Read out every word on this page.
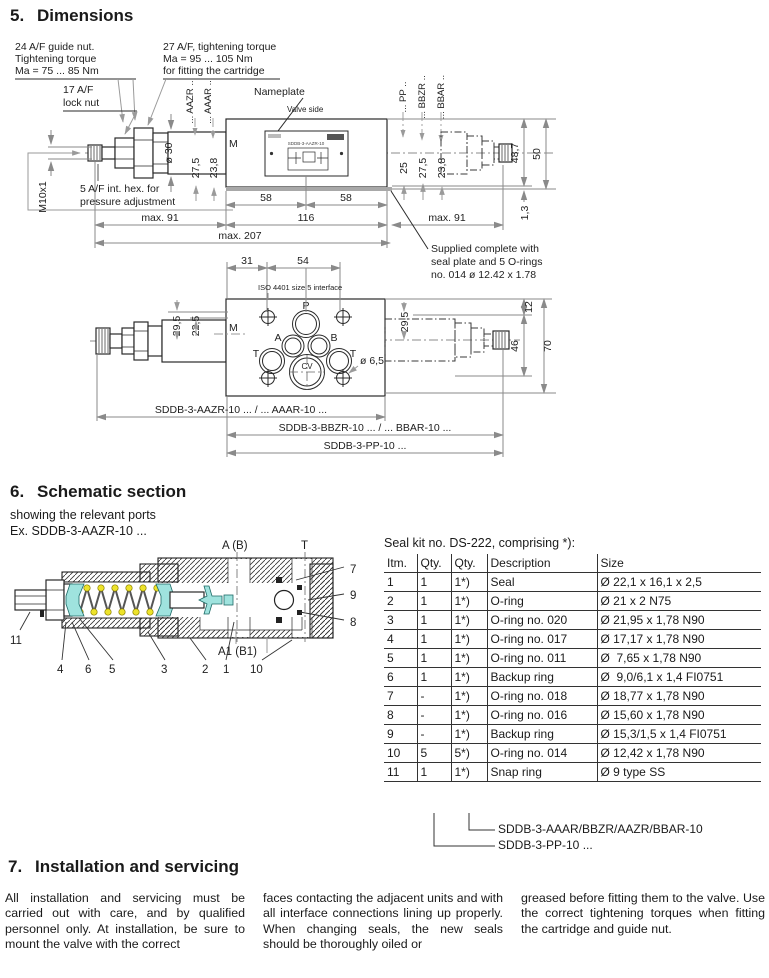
SDDB-3-AAZR-10
Nameplate
Valve side
24 A/F guide nut.
Tightening torque
Ma = 75 ... 85 Nm
27 A/F, tightening torque
Ma = 95 ... 105 Nm
for fitting the cartridge
17 A/F
lock nut
5 A/F int. hex. for
pressure adjustment
M10x1
ø 30
... AAZR .. ... AAAR ..
27,5 23,8
M
... PP .. ... BBZR .. ... BBAR ..
25 27,5 23,8
48,7 50
1,3
58	58
max. 91	116	max. 91
max. 207
Supplied complete with
seal plate and 5 O-rings
no. 014 ø 12.42 x 1.78
P
A	B
T	T
CV	ø 6,5
31	54
ISO 4401 size 5 interface
29,5 22,5	M	29,5
12
46 70
SDDB-3-AAZR-10 ... / ... AAAR-10 ...
SDDB-3-BBZR-10 ... / ... BBAR-10 ...
SDDB-3-PP-10 ...
A (B)	T
A1 (B1)
7
9
8
11
4 6 5	3	2 1 10
5. Dimensions
6. Schematic section
showing the relevant ports
Ex. SDDB-3-AAZR-10 ...
Seal kit no. DS-222, comprising *):
Itm.	Qty.	Qty.	Description	Size
1	1	1*)	Seal	Ø 22,1 x 16,1 x 2,5
2	1	1*)	O-ring	Ø 21 x 2 N75
3	1	1*)	O-ring no. 020	Ø 21,95 x 1,78 N90
4	1	1*)	O-ring no. 017	Ø 17,17 x 1,78 N90
5	1	1*)	O-ring no. 011	Ø  7,65 x 1,78 N90
6	1	1*)	Backup ring	Ø  9,0/6,1 x 1,4 FI0751
7	-	1*)	O-ring no. 018	Ø 18,77 x 1,78 N90
8	-	1*)	O-ring no. 016	Ø 15,60 x 1,78 N90
9	-	1*)	Backup ring	Ø 15,3/1,5 x 1,4 FI0751
10	5	5*)	O-ring no. 014	Ø 12,42 x 1,78 N90
11	1	1*)	Snap ring	Ø 9 type SS
SDDB-3-AAAR/BBZR/AAZR/BBAR-10
SDDB-3-PP-10 ...
7. Installation and servicing
All installation and servicing must be carried out with care, and by qualified personnel only. At installation, be sure to mount the valve with the correct
faces contacting the adjacent units and with all interface connections lining up properly. When changing seals, the new seals should be thoroughly oiled or
greased before fitting them to the valve. Use the correct tightening torques when fitting the cartridge and guide nut.
